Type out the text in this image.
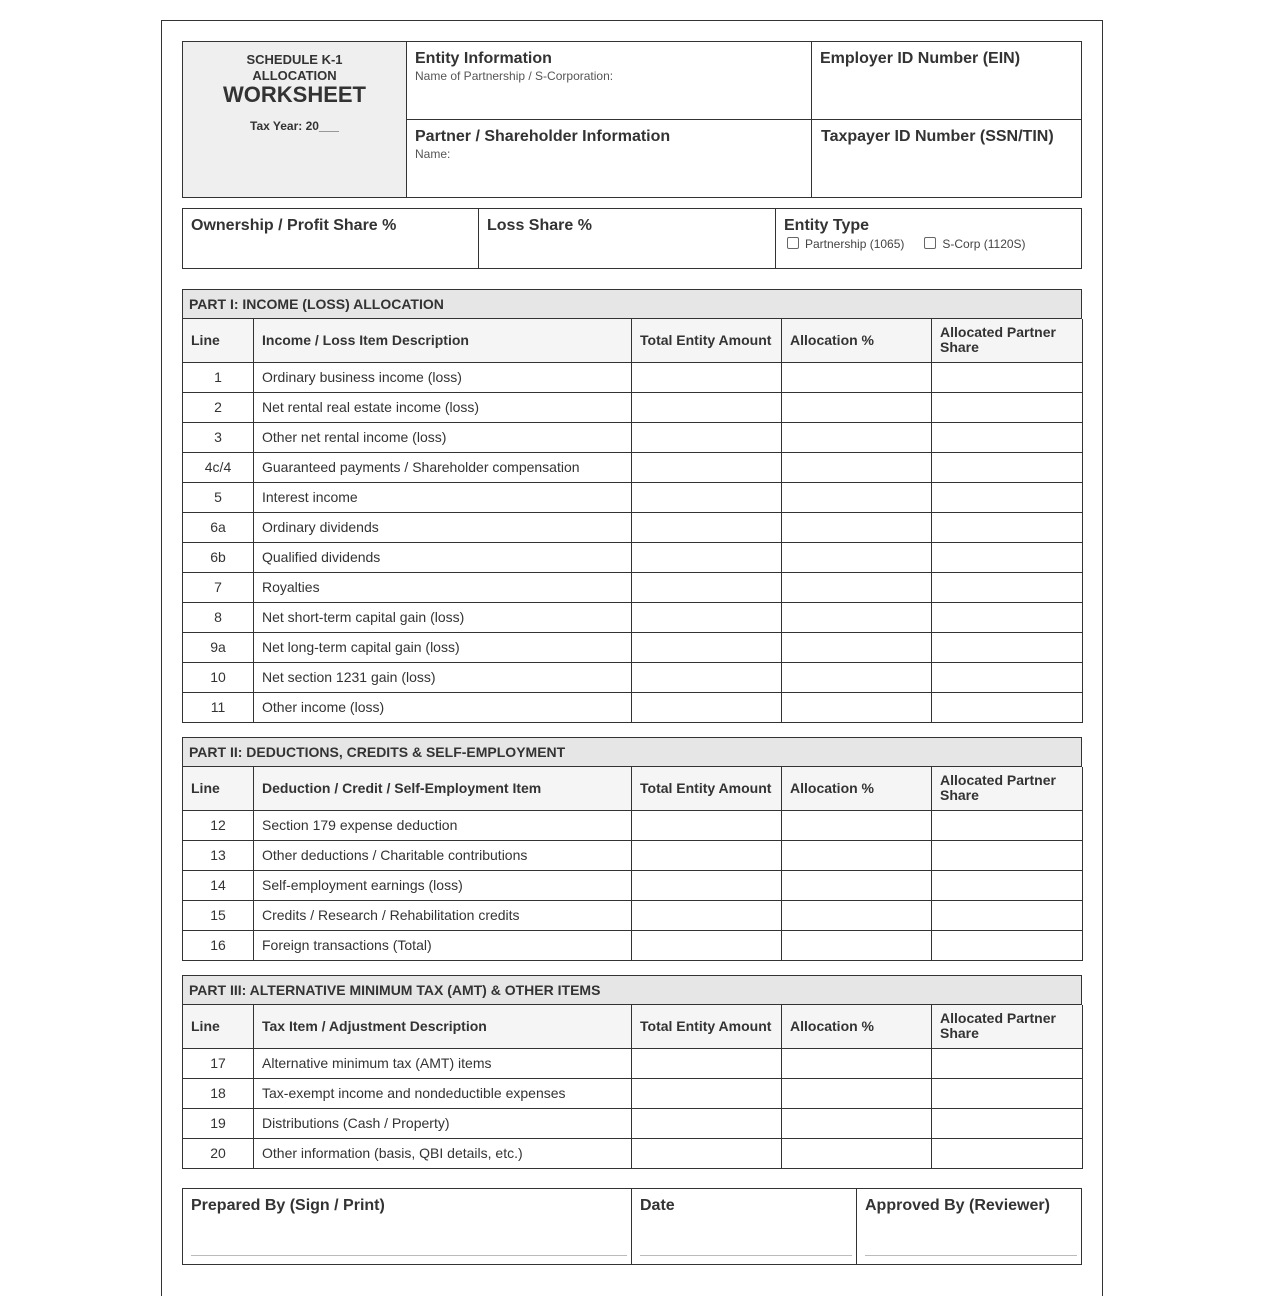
SCHEDULE K-1
ALLOCATION
WORKSHEET
Tax Year: 20___
Entity Information
Name of Partnership / S-Corporation:
Employer ID Number (EIN)
Partner / Shareholder Information
Name:
Taxpayer ID Number (SSN/TIN)
Ownership / Profit Share %	Loss Share %	Entity Type
Partnership (1065)	S-Corp (1120S)
PART I: INCOME (LOSS) ALLOCATION
Line	Income / Loss Item Description	Total Entity Amount	Allocation %	Allocated Partner Share
1	Ordinary business income (loss)			
2	Net rental real estate income (loss)			
3	Other net rental income (loss)			
4c/4	Guaranteed payments / Shareholder compensation			
5	Interest income			
6a	Ordinary dividends			
6b	Qualified dividends			
7	Royalties			
8	Net short-term capital gain (loss)			
9a	Net long-term capital gain (loss)			
10	Net section 1231 gain (loss)			
11	Other income (loss)			
PART II: DEDUCTIONS, CREDITS & SELF-EMPLOYMENT
Line	Deduction / Credit / Self-Employment Item	Total Entity Amount	Allocation %	Allocated Partner Share
12	Section 179 expense deduction			
13	Other deductions / Charitable contributions			
14	Self-employment earnings (loss)			
15	Credits / Research / Rehabilitation credits			
16	Foreign transactions (Total)			
PART III: ALTERNATIVE MINIMUM TAX (AMT) & OTHER ITEMS
Line	Tax Item / Adjustment Description	Total Entity Amount	Allocation %	Allocated Partner Share
17	Alternative minimum tax (AMT) items			
18	Tax-exempt income and nondeductible expenses			
19	Distributions (Cash / Property)			
20	Other information (basis, QBI details, etc.)			
Prepared By (Sign / Print)	Date	Approved By (Reviewer)
